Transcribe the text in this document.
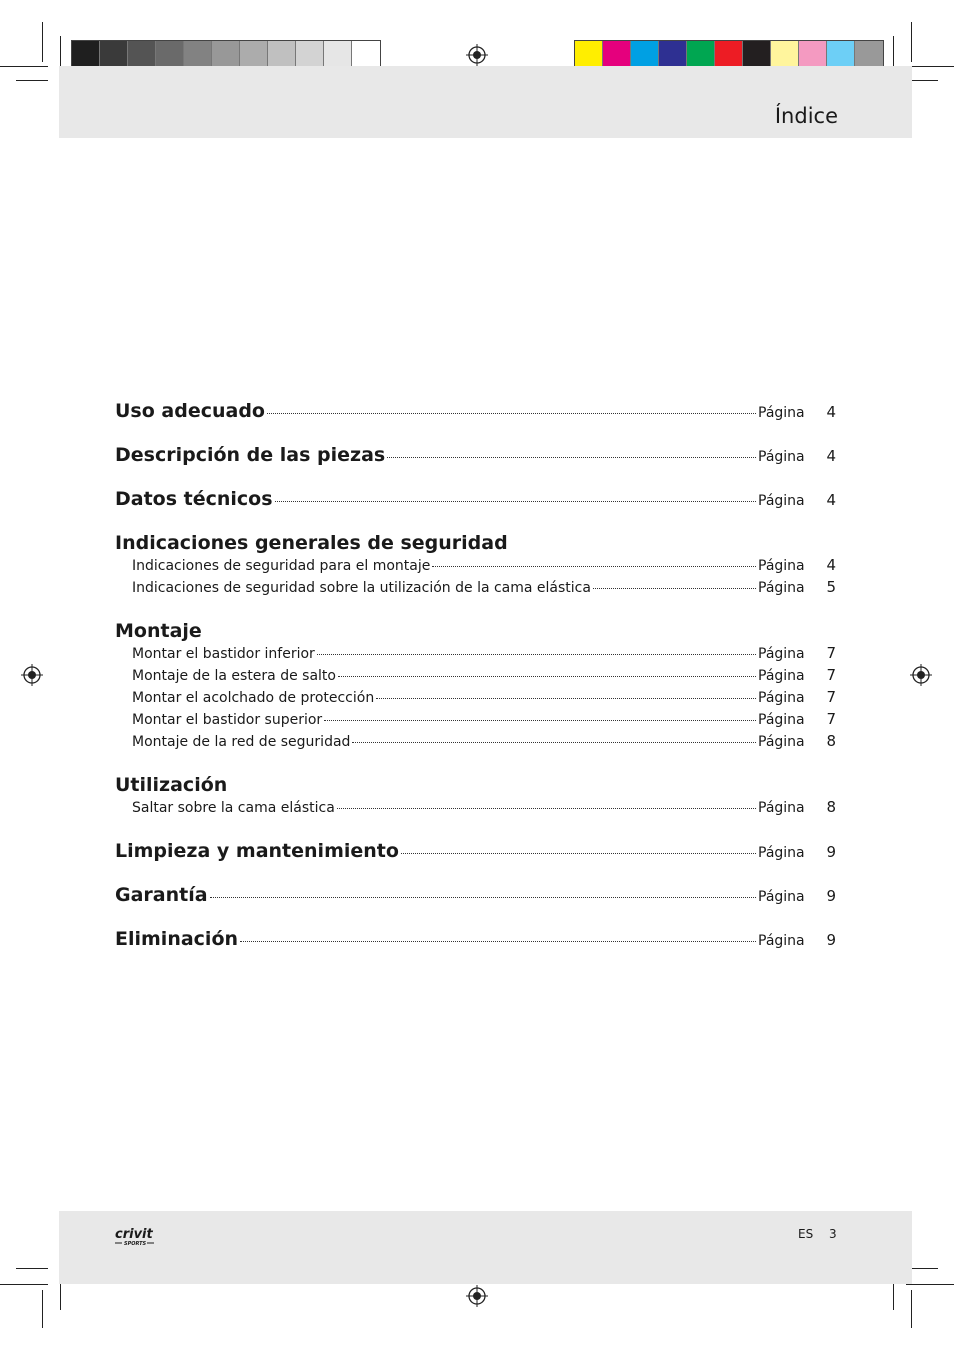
Índice
Uso adecuado	Página	4
Descripción de las piezas	Página	4
Datos técnicos	Página	4
Indicaciones generales de seguridad
Indicaciones de seguridad para el montaje	Página	4
Indicaciones de seguridad sobre la utilización de la cama elástica	Página	5
Montaje
Montar el bastidor inferior	Página	7
Montaje de la estera de salto	Página	7
Montar el acolchado de protección	Página	7
Montar el bastidor superior	Página	7
Montaje de la red de seguridad	Página	8
Utilización
Saltar sobre la cama elástica	Página	8
Limpieza y mantenimiento	Página	9
Garantía	Página	9
Eliminación	Página	9
crivit
SPORTS
ES 3
